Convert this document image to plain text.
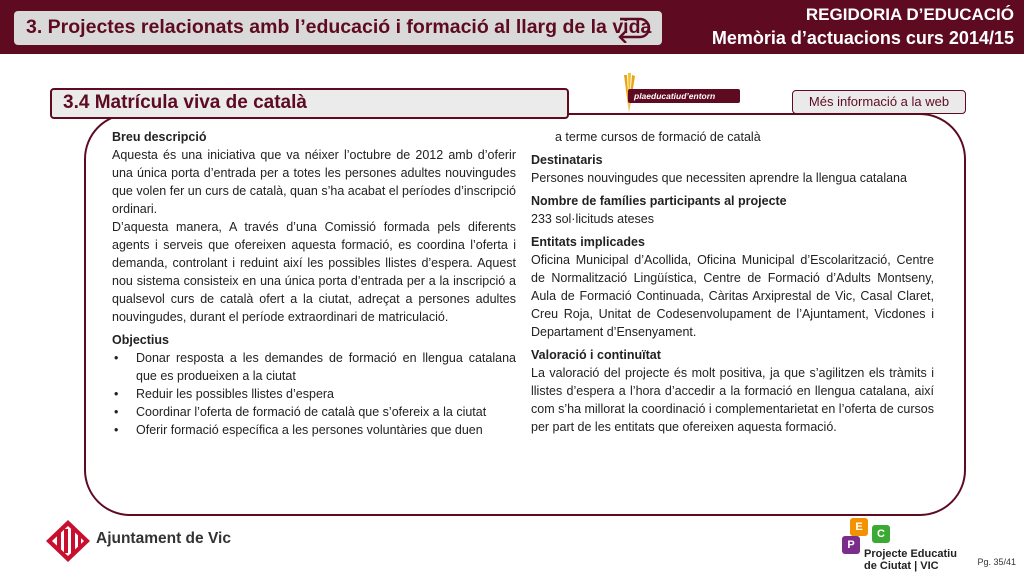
3. Projectes relacionats amb l’educació i formació al llarg de la vida
REGIDORIA D’EDUCACIÓ
Memòria d’actuacions curs 2014/15
3.4 Matrícula viva de català	plaeducatiud’entorn	Més informació a la web
Breu descripció
Aquesta és una iniciativa que va néixer l’octubre de 2012 amb d’oferir una única porta d’entrada per a totes les persones adultes nouvingudes que volen fer un curs de català, quan s’ha acabat el períodes d’inscripció ordinari.
D’aquesta manera, A través d’una Comissió formada pels diferents agents i serveis que ofereixen aquesta formació, es coordina l’oferta i demanda, controlant i reduint així les possibles llistes d’espera. Aquest nou sistema consisteix en una única porta d’entrada per a la inscripció a qualsevol curs de català ofert a la ciutat, adreçat a persones adultes nouvingudes, durant el període extraordinari de matriculació.
Objectius
• Donar resposta a les demandes de formació en llengua catalana que es produeixen a la ciutat
• Reduir les possibles llistes d’espera
• Coordinar l’oferta de formació de català que s’ofereix a la ciutat
• Oferir formació específica a les persones voluntàries que duen
a terme cursos de formació de català
Destinataris
Persones nouvingudes que necessiten aprendre la llengua catalana
Nombre de famílies participants al projecte
233 sol·licituds ateses
Entitats implicades
Oficina Municipal d’Acollida, Oficina Municipal d’Escolarització, Centre de Normalització Lingüística, Centre de Formació d’Adults Montseny, Aula de Formació Continuada, Càritas Arxiprestal de Vic, Casal Claret, Creu Roja, Unitat de Codesenvolupament de l’Ajuntament, Vicdones i Departament d’Ensenyament.
Valoració i continuïtat
La valoració del projecte és molt positiva, ja que s’agilitzen els tràmits i llistes d’espera a l’hora d’accedir a la formació en llengua catalana, així com s’ha millorat la coordinació i complementarietat en l’oferta de cursos per part de les entitats que ofereixen aquesta formació.
Ajuntament de Vic
E
C
P
Projecte Educatiu
de Ciutat | VIC	Pg. 35/41
